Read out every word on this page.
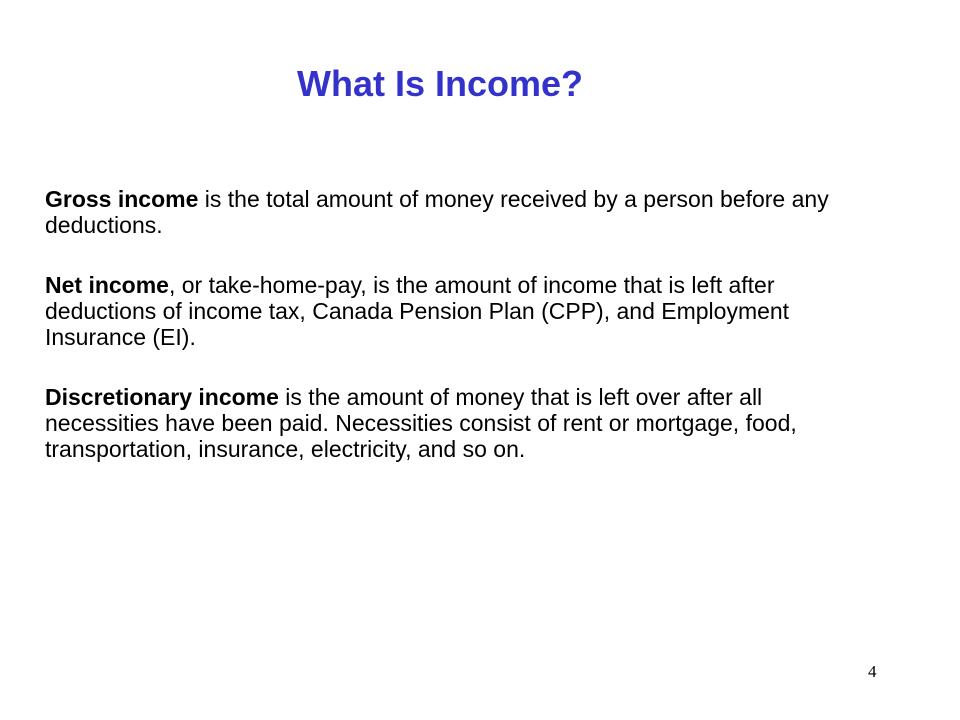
What Is Income?

Gross income is the total amount of money received by a person before any deductions.

Net income, or take-home-pay, is the amount of income that is left after deductions of income tax, Canada Pension Plan (CPP), and Employment Insurance (EI).

Discretionary income is the amount of money that is left over after all necessities have been paid. Necessities consist of rent or mortgage, food, transportation, insurance, electricity, and so on.

4
